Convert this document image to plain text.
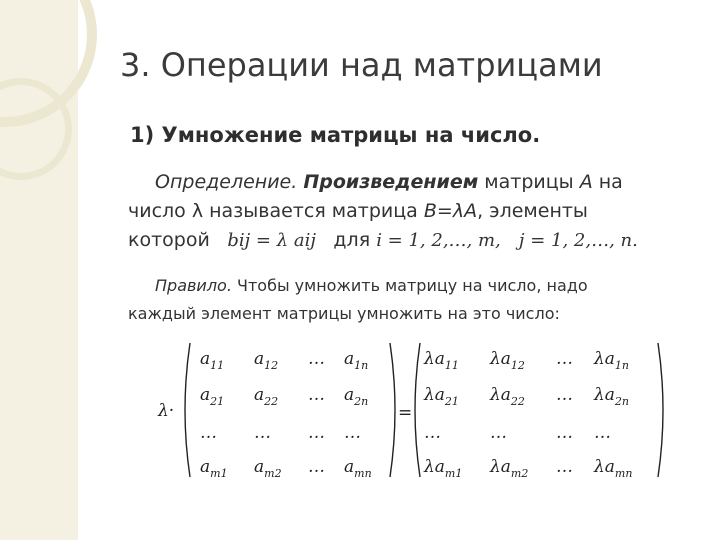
3. Операции над матрицами
1) Умножение матрицы на число.
Определение. Произведением матрицы A на
число λ называется матрица B=λA, элементы
которой   bij = λ aij для i = 1, 2,…, m, j = 1, 2,…, n.
Правило. Чтобы умножить матрицу на число, надо
каждый элемент матрицы умножить на это число:
λ·	=
$a_{11}$ $a_{12}$ … $a_{1n}$
$a_{21}$ $a_{22}$ … $a_{2n}$
… … … …
$a_{m1}$ $a_{m2}$ … $a_{mn}$
$\lambda a_{11}$ $\lambda a_{12}$ … $\lambda a_{1n}$
$\lambda a_{21}$ $\lambda a_{22}$ … $\lambda a_{2n}$
…	…	… …
$\lambda a_{m1}$ $\lambda a_{m2}$ … $\lambda a_{mn}$
